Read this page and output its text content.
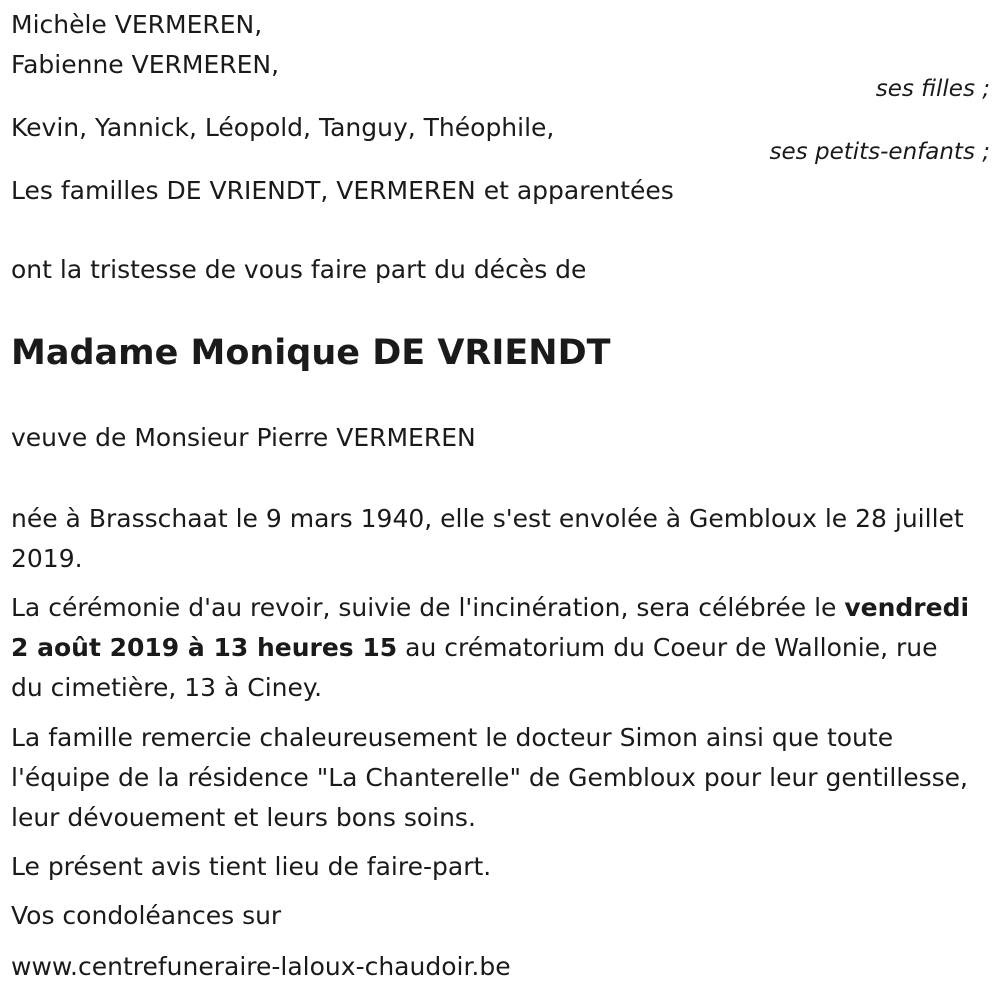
Michèle VERMEREN,
Fabienne VERMEREN,
ses filles ;
Kevin, Yannick, Léopold, Tanguy, Théophile,
ses petits-enfants ;
Les familles DE VRIENDT, VERMEREN et apparentées
ont la tristesse de vous faire part du décès de
Madame Monique DE VRIENDT
veuve de Monsieur Pierre VERMEREN
née à Brasschaat le 9 mars 1940, elle s'est envolée à Gembloux le 28 juillet 2019.
La cérémonie d'au revoir, suivie de l'incinération, sera célébrée le vendredi 2 août 2019 à 13 heures 15 au crématorium du Coeur de Wallonie, rue du cimetière, 13 à Ciney.
La famille remercie chaleureusement le docteur Simon ainsi que toute l'équipe de la résidence "La Chanterelle" de Gembloux pour leur gentillesse, leur dévouement et leurs bons soins.
Le présent avis tient lieu de faire-part.
Vos condoléances sur
www.centrefuneraire-laloux-chaudoir.be
